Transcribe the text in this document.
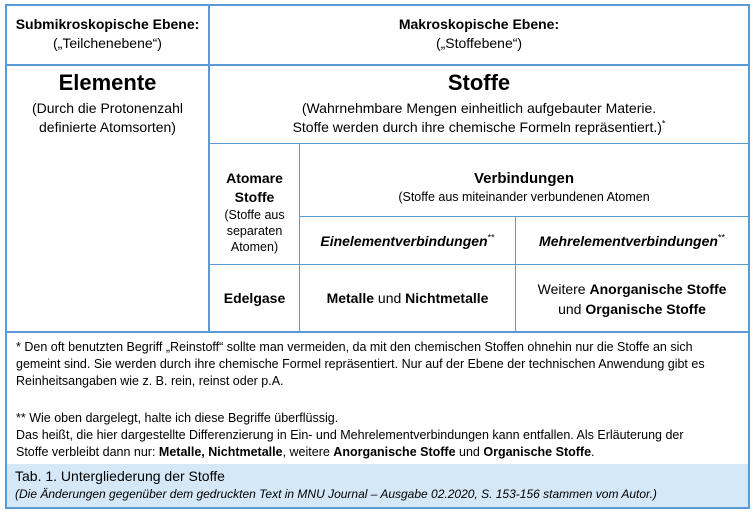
Submikroskopische Ebene:
(„Teilchenebene“)
Makroskopische Ebene:
(„Stoffebene“)
Elemente
(Durch die Protonenzahl
definierte Atomsorten)
Stoffe
(Wahrnehmbare Mengen einheitlich aufgebauter Materie.
Stoffe werden durch ihre chemische Formeln repräsentiert.)*
Atomare
Stoffe
(Stoffe aus
separaten
Atomen)
Verbindungen
(Stoffe aus miteinander verbundenen Atomen
Einelementverbindungen**	Mehrelementverbindungen**
Edelgase	Metalle und Nichtmetalle
Weitere Anorganische Stoffe
und Organische Stoffe
* Den oft benutzten Begriff „Reinstoff“ sollte man vermeiden, da mit den chemischen Stoffen ohnehin nur die Stoffe an sich
gemeint sind. Sie werden durch ihre chemische Formel repräsentiert. Nur auf der Ebene der technischen Anwendung gibt es
Reinheitsangaben wie z. B. rein, reinst oder p.A.
** Wie oben dargelegt, halte ich diese Begriffe überflüssig.
Das heißt, die hier dargestellte Differenzierung in Ein- und Mehrelementverbindungen kann entfallen. Als Erläuterung der
Stoffe verbleibt dann nur: Metalle, Nichtmetalle, weitere Anorganische Stoffe und Organische Stoffe.
Tab. 1. Untergliederung der Stoffe
(Die Änderungen gegenüber dem gedruckten Text in MNU Journal – Ausgabe 02.2020, S. 153-156 stammen vom Autor.)
